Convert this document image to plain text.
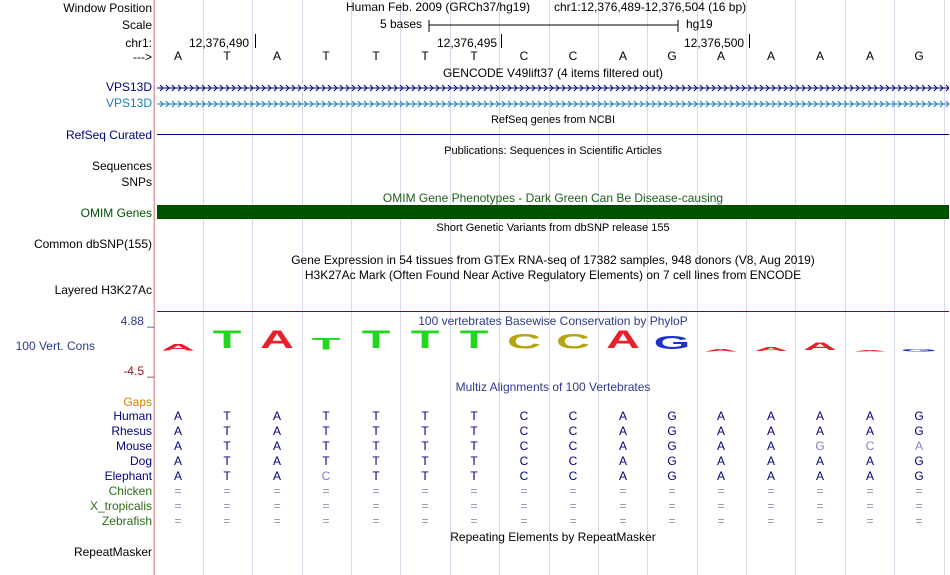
Window Position	Human Feb. 2009 (GRCh37/hg19) chr1:12,376,489-12,376,504 (16 bp)
Scale	5 bases	hg19
chr1:	12,376,490	12,376,495	12,376,500
--->	A	T	A	T	T	T	T	C	C	A	G	A	A	A	A	G
GENCODE V49lift37 (4 items filtered out)
VPS13D
VPS13D
RefSeq genes from NCBI
RefSeq Curated
Publications: Sequences in Scientific Articles
Sequences
SNPs
OMIM Gene Phenotypes - Dark Green Can Be Disease-causing
OMIM Genes
Short Genetic Variants from dbSNP release 155
Common dbSNP(155)
Gene Expression in 54 tissues from GTEx RNA-seq of 17382 samples, 948 donors (V8, Aug 2019)
H3K27Ac Mark (Often Found Near Active Regulatory Elements) on 7 cell lines from ENCODE
Layered H3K27Ac
100 vertebrates Basewise Conservation by PhyloP
4.88 _
100 Vert. Cons
-4.5 _
A T A T T T T C C A G A A A A G
Multiz Alignments of 100 Vertebrates
Gaps
Human	A	T	A	T	T	T	T	C	C	A	G	A	A	A	A	G
Rhesus	A	T	A	T	T	T	T	C	C	A	G	A	A	A	A	G
Mouse	A	T	A	T	T	T	T	C	C	A	G	A	A	G	C	A
Dog	A	T	A	T	T	T	T	C	C	A	G	A	A	A	A	G
Elephant	A	T	A	C	T	T	T	C	C	A	G	A	A	A	A	G
Chicken	=	=	=	=	=	=	=	=	=	=	=	=	=	=	=	=
X_tropicalis	=	=	=	=	=	=	=	=	=	=	=	=	=	=	=	=
Zebrafish	=	=	=	=	=	=	=	=	=	=	=	=	=	=	=	=
Repeating Elements by RepeatMasker
RepeatMasker
